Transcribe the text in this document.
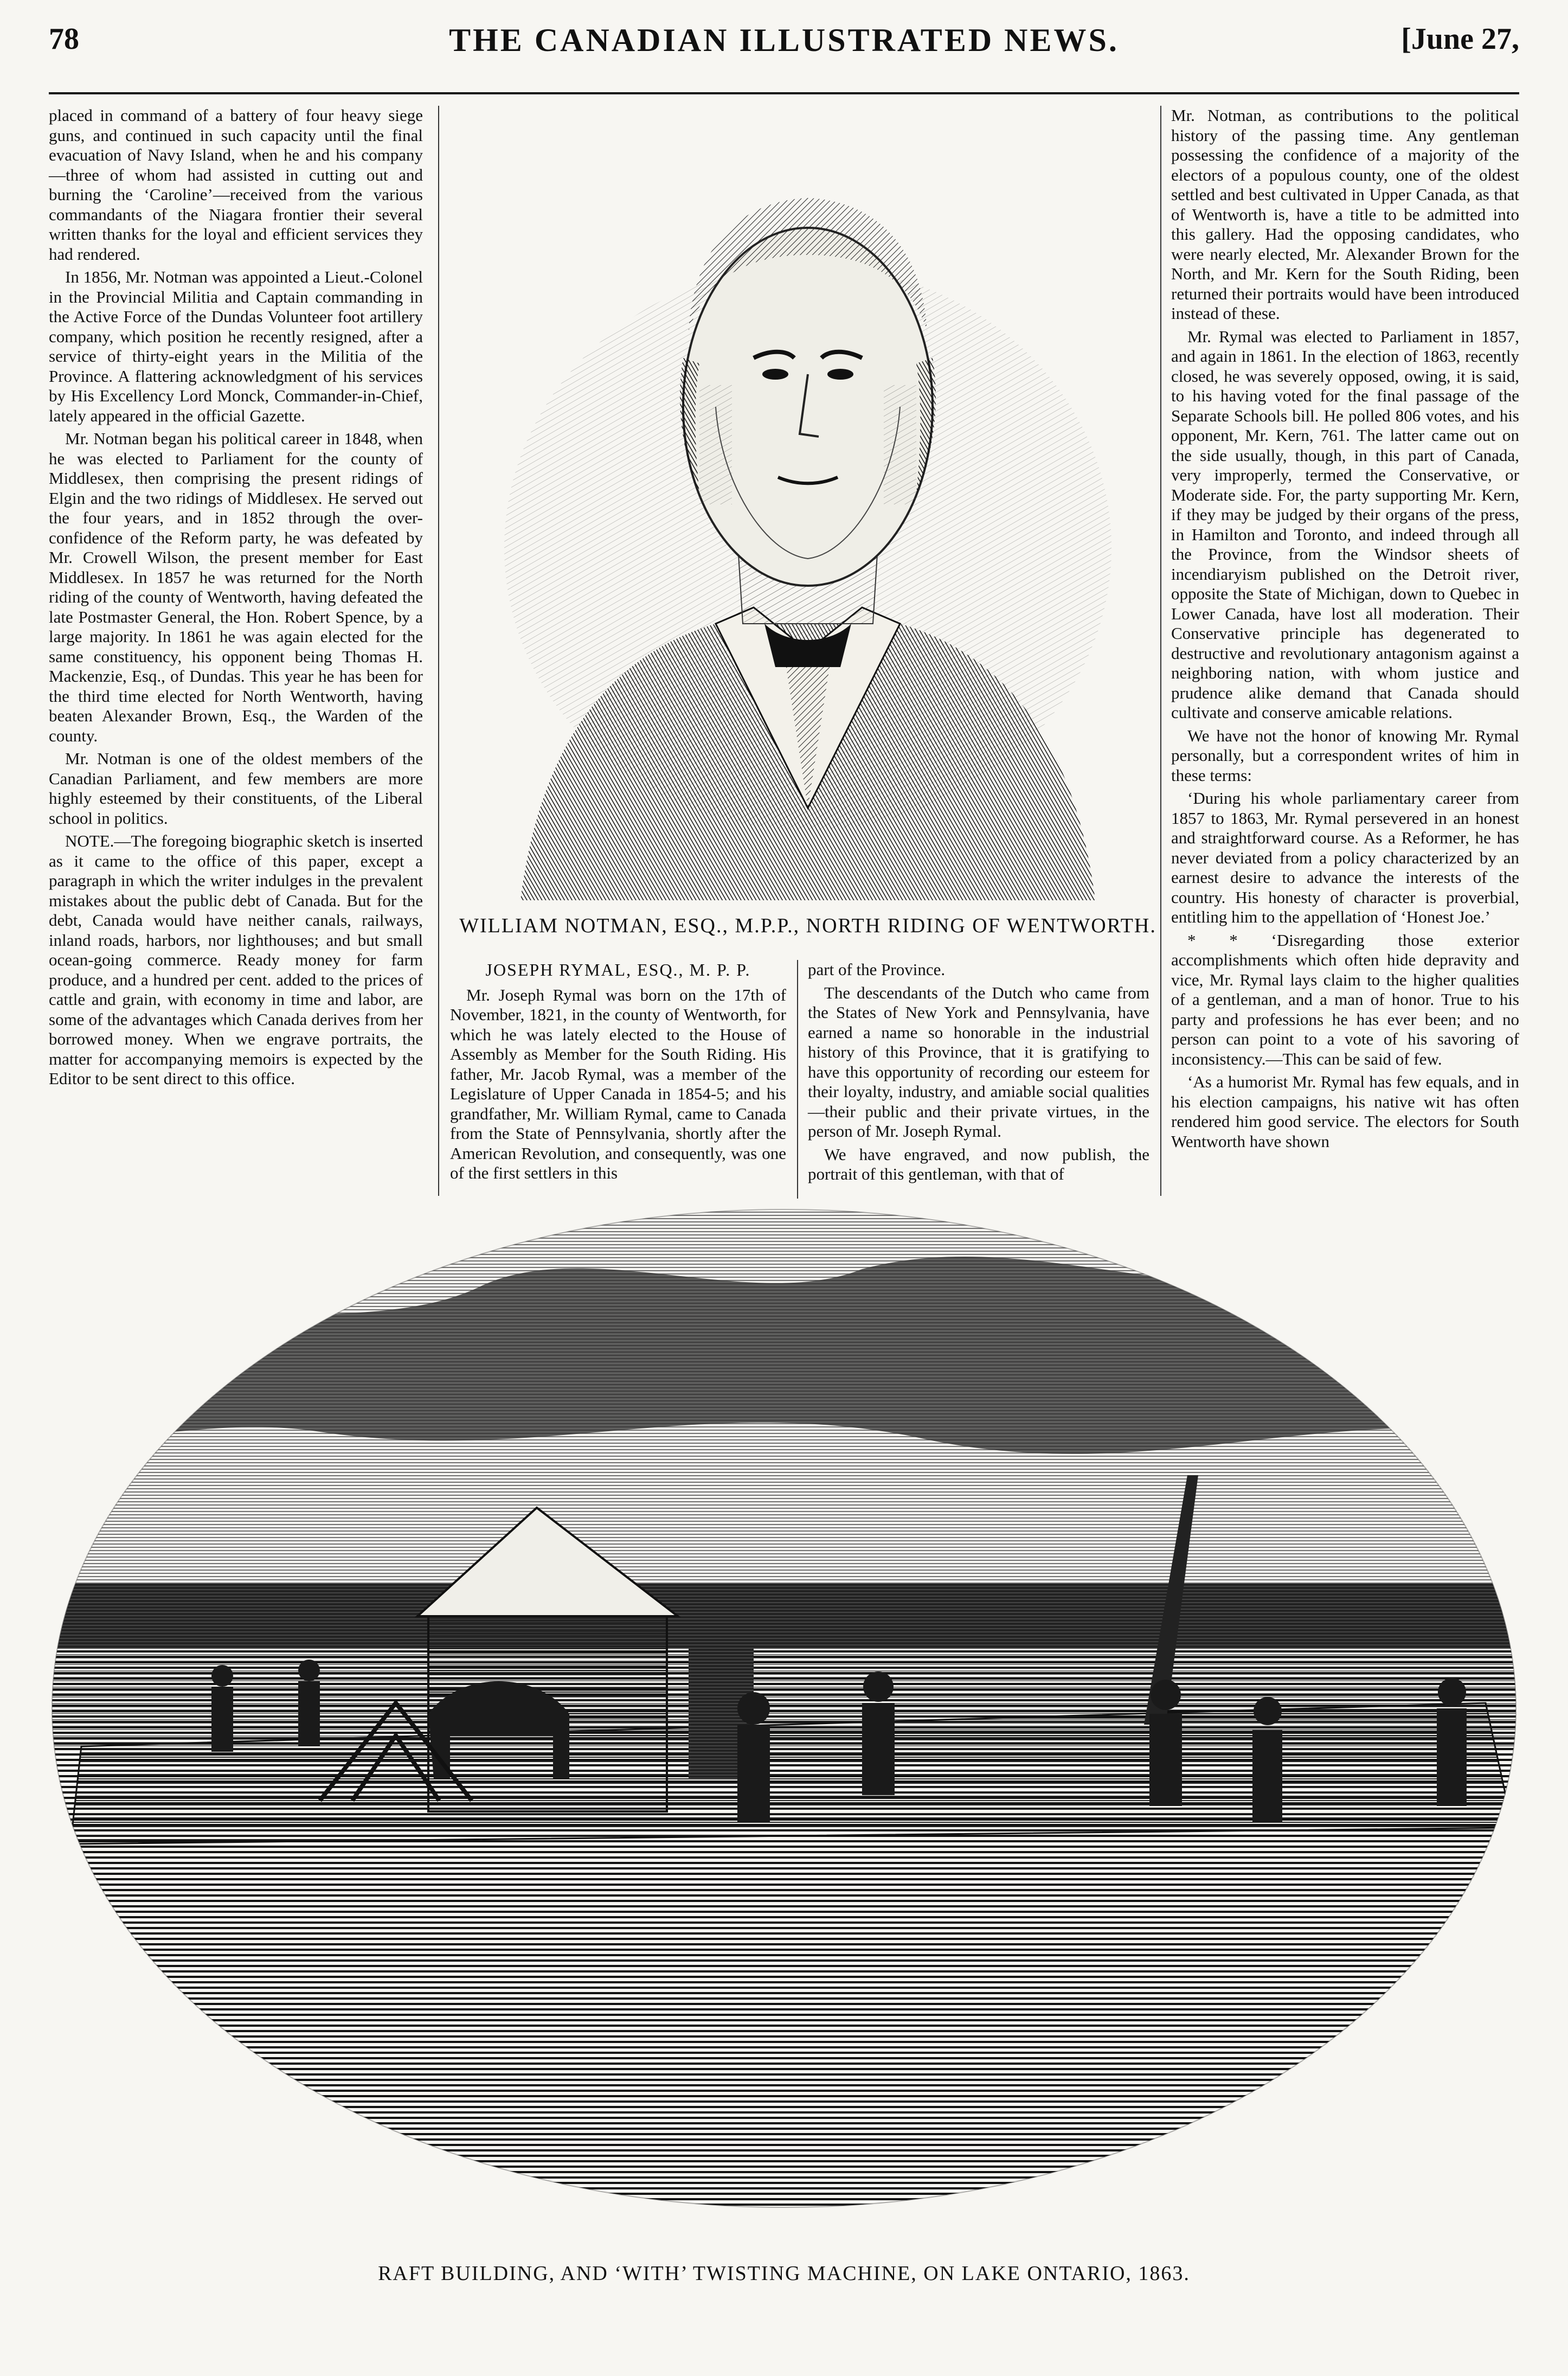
78	THE CANADIAN ILLUSTRATED NEWS.	[June 27,

placed in command of a battery of four heavy siege guns, and continued in such capacity until the final evacuation of Navy Island, when he and his company —three of whom had assisted in cutting out and burning the ‘Caroline’—received from the various commandants of the Niagara frontier their several written thanks for the loyal and efficient services they had rendered.

In 1856, Mr. Notman was appointed a Lieut.-Colonel in the Provincial Militia and Captain commanding in the Active Force of the Dundas Volunteer foot artillery company, which position he recently resigned, after a service of thirty-eight years in the Militia of the Province. A flattering acknowledgment of his services by His Excellency Lord Monck, Commander-in-Chief, lately appeared in the official Gazette.

Mr. Notman began his political career in 1848, when he was elected to Parliament for the county of Middlesex, then comprising the present ridings of Elgin and the two ridings of Middlesex. He served out the four years, and in 1852 through the over-confidence of the Reform party, he was defeated by Mr. Crowell Wilson, the present member for East Middlesex. In 1857 he was returned for the North riding of the county of Wentworth, having defeated the late Postmaster General, the Hon. Robert Spence, by a large majority. In 1861 he was again elected for the same constituency, his opponent being Thomas H. Mackenzie, Esq., of Dundas. This year he has been for the third time elected for North Wentworth, having beaten Alexander Brown, Esq., the Warden of the county.

Mr. Notman is one of the oldest members of the Canadian Parliament, and few members are more highly esteemed by their constituents, of the Liberal school in politics.

NOTE.—The foregoing biographic sketch is inserted as it came to the office of this paper, except a paragraph in which the writer indulges in the prevalent mistakes about the public debt of Canada. But for the debt, Canada would have neither canals, railways, inland roads, harbors, nor lighthouses; and but small ocean-going commerce. Ready money for farm produce, and a hundred per cent. added to the prices of cattle and grain, with economy in time and labor, are some of the advantages which Canada derives from her borrowed money. When we engrave portraits, the matter for accompanying memoirs is expected by the Editor to be sent direct to this office.

WILLIAM NOTMAN, ESQ., M.P.P., NORTH RIDING OF WENTWORTH.
JOSEPH RYMAL, ESQ., M. P. P.

Mr. Joseph Rymal was born on the 17th of November, 1821, in the county of Wentworth, for which he was lately elected to the House of Assembly as Member for the South Riding. His father, Mr. Jacob Rymal, was a member of the Legislature of Upper Canada in 1854-5; and his grandfather, Mr. William Rymal, came to Canada from the State of Pennsylvania, shortly after the American Revolution, and consequently, was one of the first settlers in this

part of the Province.

The descendants of the Dutch who came from the States of New York and Pennsylvania, have earned a name so honorable in the industrial history of this Province, that it is gratifying to have this opportunity of recording our esteem for their loyalty, industry, and amiable social qualities—their public and their private virtues, in the person of Mr. Joseph Rymal.

We have engraved, and now publish, the portrait of this gentleman, with that of

Mr. Notman, as contributions to the political history of the passing time. Any gentleman possessing the confidence of a majority of the electors of a populous county, one of the oldest settled and best cultivated in Upper Canada, as that of Wentworth is, have a title to be admitted into this gallery. Had the opposing candidates, who were nearly elected, Mr. Alexander Brown for the North, and Mr. Kern for the South Riding, been returned their portraits would have been introduced instead of these.

Mr. Rymal was elected to Parliament in 1857, and again in 1861. In the election of 1863, recently closed, he was severely opposed, owing, it is said, to his having voted for the final passage of the Separate Schools bill. He polled 806 votes, and his opponent, Mr. Kern, 761. The latter came out on the side usually, though, in this part of Canada, very improperly, termed the Conservative, or Moderate side. For, the party supporting Mr. Kern, if they may be judged by their organs of the press, in Hamilton and Toronto, and indeed through all the Province, from the Windsor sheets of incendiaryism published on the Detroit river, opposite the State of Michigan, down to Quebec in Lower Canada, have lost all moderation. Their Conservative principle has degenerated to destructive and revolutionary antagonism against a neighboring nation, with whom justice and prudence alike demand that Canada should cultivate and conserve amicable relations.

We have not the honor of knowing Mr. Rymal personally, but a correspondent writes of him in these terms:

‘During his whole parliamentary career from 1857 to 1863, Mr. Rymal persevered in an honest and straightforward course. As a Reformer, he has never deviated from a policy characterized by an earnest desire to advance the interests of the country. His honesty of character is proverbial, entitling him to the appellation of ‘Honest Joe.’

* * ‘Disregarding those exterior accomplishments which often hide depravity and vice, Mr. Rymal lays claim to the higher qualities of a gentleman, and a man of honor. True to his party and professions he has ever been; and no person can point to a vote of his savoring of inconsistency.—This can be said of few.

‘As a humorist Mr. Rymal has few equals, and in his election campaigns, his native wit has often rendered him good service. The electors for South Wentworth have shown

RAFT BUILDING, AND ‘WITH’ TWISTING MACHINE, ON LAKE ONTARIO, 1863.
